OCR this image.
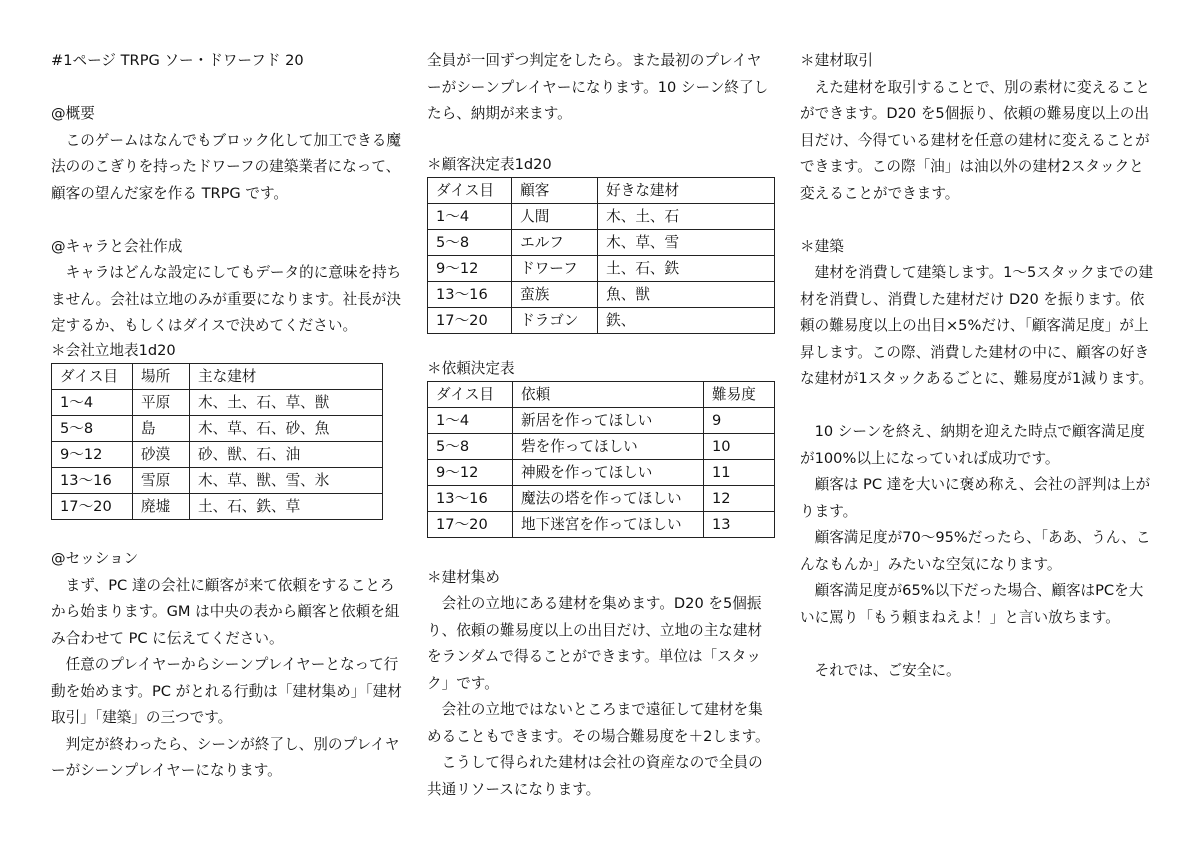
#1ページ TRPG ソー・ドワーフド 20

@概要

このゲームはなんでもブロック化して加工できる魔法ののこぎりを持ったドワーフの建築業者になって、顧客の望んだ家を作る TRPG です。

@キャラと会社作成

キャラはどんな設定にしてもデータ的に意味を持ちません。会社は立地のみが重要になります。社長が決定するか、もしくはダイスで決めてください。

＊会社立地表1d20

ダイス目	場所	主な建材
1～4	平原	木、土、石、草、獣
5～8	島	木、草、石、砂、魚
9～12	砂漠	砂、獣、石、油
13～16	雪原	木、草、獣、雪、氷
17～20	廃墟	土、石、鉄、草

@セッション

まず、PC 達の会社に顧客が来て依頼をすることろから始まります。GM は中央の表から顧客と依頼を組み合わせて PC に伝えてください。

任意のプレイヤーからシーンプレイヤーとなって行動を始めます。PC がとれる行動は「建材集め」「建材取引」「建築」の三つです。

判定が終わったら、シーンが終了し、別のプレイヤーがシーンプレイヤーになります。

全員が一回ずつ判定をしたら。また最初のプレイヤーがシーンプレイヤーになります。10 シーン終了したら、納期が来ます。

＊顧客決定表1d20

ダイス目	顧客	好きな建材
1～4	人間	木、土、石
5～8	エルフ	木、草、雪
9～12	ドワーフ	土、石、鉄
13～16	蛮族	魚、獣
17～20	ドラゴン	鉄、

＊依頼決定表

ダイス目	依頼	難易度
1～4	新居を作ってほしい	9
5～8	砦を作ってほしい	10
9～12	神殿を作ってほしい	11
13～16	魔法の塔を作ってほしい	12
17～20	地下迷宮を作ってほしい	13

＊建材集め

会社の立地にある建材を集めます。D20 を5個振り、依頼の難易度以上の出目だけ、立地の主な建材をランダムで得ることができます。単位は「スタック」です。

会社の立地ではないところまで遠征して建材を集めることもできます。その場合難易度を＋2します。

こうして得られた建材は会社の資産なので全員の共通リソースになります。

＊建材取引

えた建材を取引することで、別の素材に変えることができます。D20 を5個振り、依頼の難易度以上の出目だけ、今得ている建材を任意の建材に変えることができます。この際「油」は油以外の建材2スタックと変えることができます。

＊建築

建材を消費して建築します。1～5スタックまでの建材を消費し、消費した建材だけ D20 を振ります。依頼の難易度以上の出目×5%だけ、「顧客満足度」が上昇します。この際、消費した建材の中に、顧客の好きな建材が1スタックあるごとに、難易度が1減ります。

10 シーンを終え、納期を迎えた時点で顧客満足度が100%以上になっていれば成功です。

顧客は PC 達を大いに褒め称え、会社の評判は上がります。

顧客満足度が70～95%だったら、「ああ、うん、こんなもんか」みたいな空気になります。

顧客満足度が65%以下だった場合、顧客はPCを大いに罵り「もう頼まねえよ！」と言い放ちます。

それでは、ご安全に。
